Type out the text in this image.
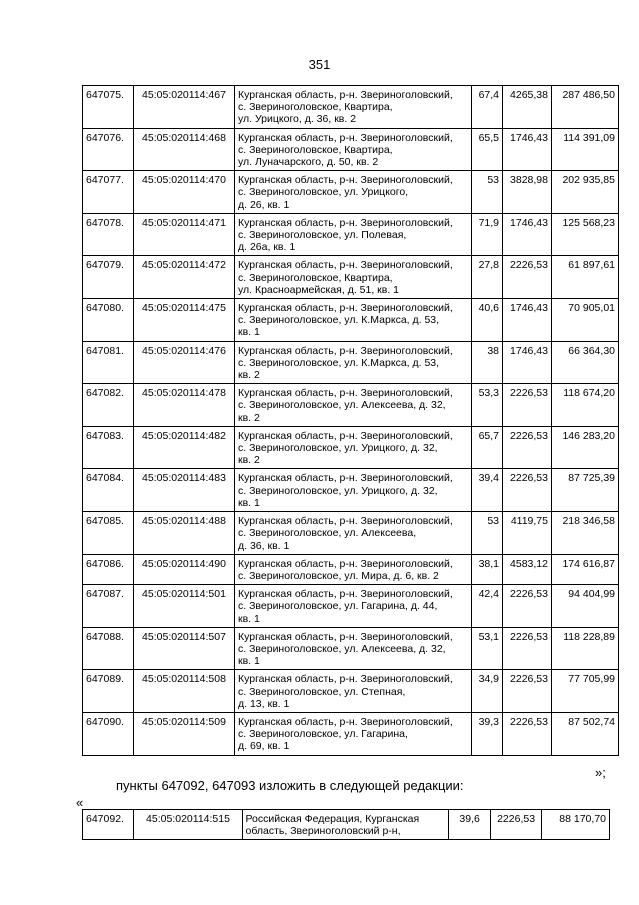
351
647075.	45:05:020114:467	Курганская область, р-н. Звериноголовский,
с. Звериноголовское, Квартира,
ул. Урицкого, д. 36, кв. 2	67,4	4265,38	287 486,50
647076.	45:05:020114:468	Курганская область, р-н. Звериноголовский,
с. Звериноголовское, Квартира,
ул. Луначарского, д. 50, кв. 2	65,5	1746,43	114 391,09
647077.	45:05:020114:470	Курганская область, р-н. Звериноголовский,
с. Звериноголовское, ул. Урицкого,
д. 26, кв. 1	53	3828,98	202 935,85
647078.	45:05:020114:471	Курганская область, р-н. Звериноголовский,
с. Звериноголовское, ул. Полевая,
д. 26а, кв. 1	71,9	1746,43	125 568,23
647079.	45:05:020114:472	Курганская область, р-н. Звериноголовский,
с. Звериноголовское, Квартира,
ул. Красноармейская, д. 51, кв. 1	27,8	2226,53	61 897,61
647080.	45:05:020114:475	Курганская область, р-н. Звериноголовский,
с. Звериноголовское, ул. К.Маркса, д. 53,
кв. 1	40,6	1746,43	70 905,01
647081.	45:05:020114:476	Курганская область, р-н. Звериноголовский,
с. Звериноголовское, ул. К.Маркса, д. 53,
кв. 2	38	1746,43	66 364,30
647082.	45:05:020114:478	Курганская область, р-н. Звериноголовский,
с. Звериноголовское, ул. Алексеева, д. 32,
кв. 2	53,3	2226,53	118 674,20
647083.	45:05:020114:482	Курганская область, р-н. Звериноголовский,
с. Звериноголовское, ул. Урицкого, д. 32,
кв. 2	65,7	2226,53	146 283,20
647084.	45:05:020114:483	Курганская область, р-н. Звериноголовский,
с. Звериноголовское, ул. Урицкого, д. 32,
кв. 1	39,4	2226,53	87 725,39
647085.	45:05:020114:488	Курганская область, р-н. Звериноголовский,
с. Звериноголовское, ул. Алексеева,
д. 36, кв. 1	53	4119,75	218 346,58
647086.	45:05:020114:490	Курганская область, р-н. Звериноголовский,
с. Звериноголовское, ул. Мира, д. 6, кв. 2	38,1	4583,12	174 616,87
647087.	45:05:020114:501	Курганская область, р-н. Звериноголовский,
с. Звериноголовское, ул. Гагарина, д. 44,
кв. 1	42,4	2226,53	94 404,99
647088.	45:05:020114:507	Курганская область, р-н. Звериноголовский,
с. Звериноголовское, ул. Алексеева, д. 32,
кв. 1	53,1	2226,53	118 228,89
647089.	45:05:020114:508	Курганская область, р-н. Звериноголовский,
с. Звериноголовское, ул. Степная,
д. 13, кв. 1	34,9	2226,53	77 705,99
647090.	45:05:020114:509	Курганская область, р-н. Звериноголовский,
с. Звериноголовское, ул. Гагарина,
д. 69, кв. 1	39,3	2226,53	87 502,74
»;
пункты 647092, 647093 изложить в следующей редакции:
«
647092.	45:05:020114:515	Российская Федерация, Курганская
область, Звериноголовский р-н,
	39,6	2226,53	88 170,70
